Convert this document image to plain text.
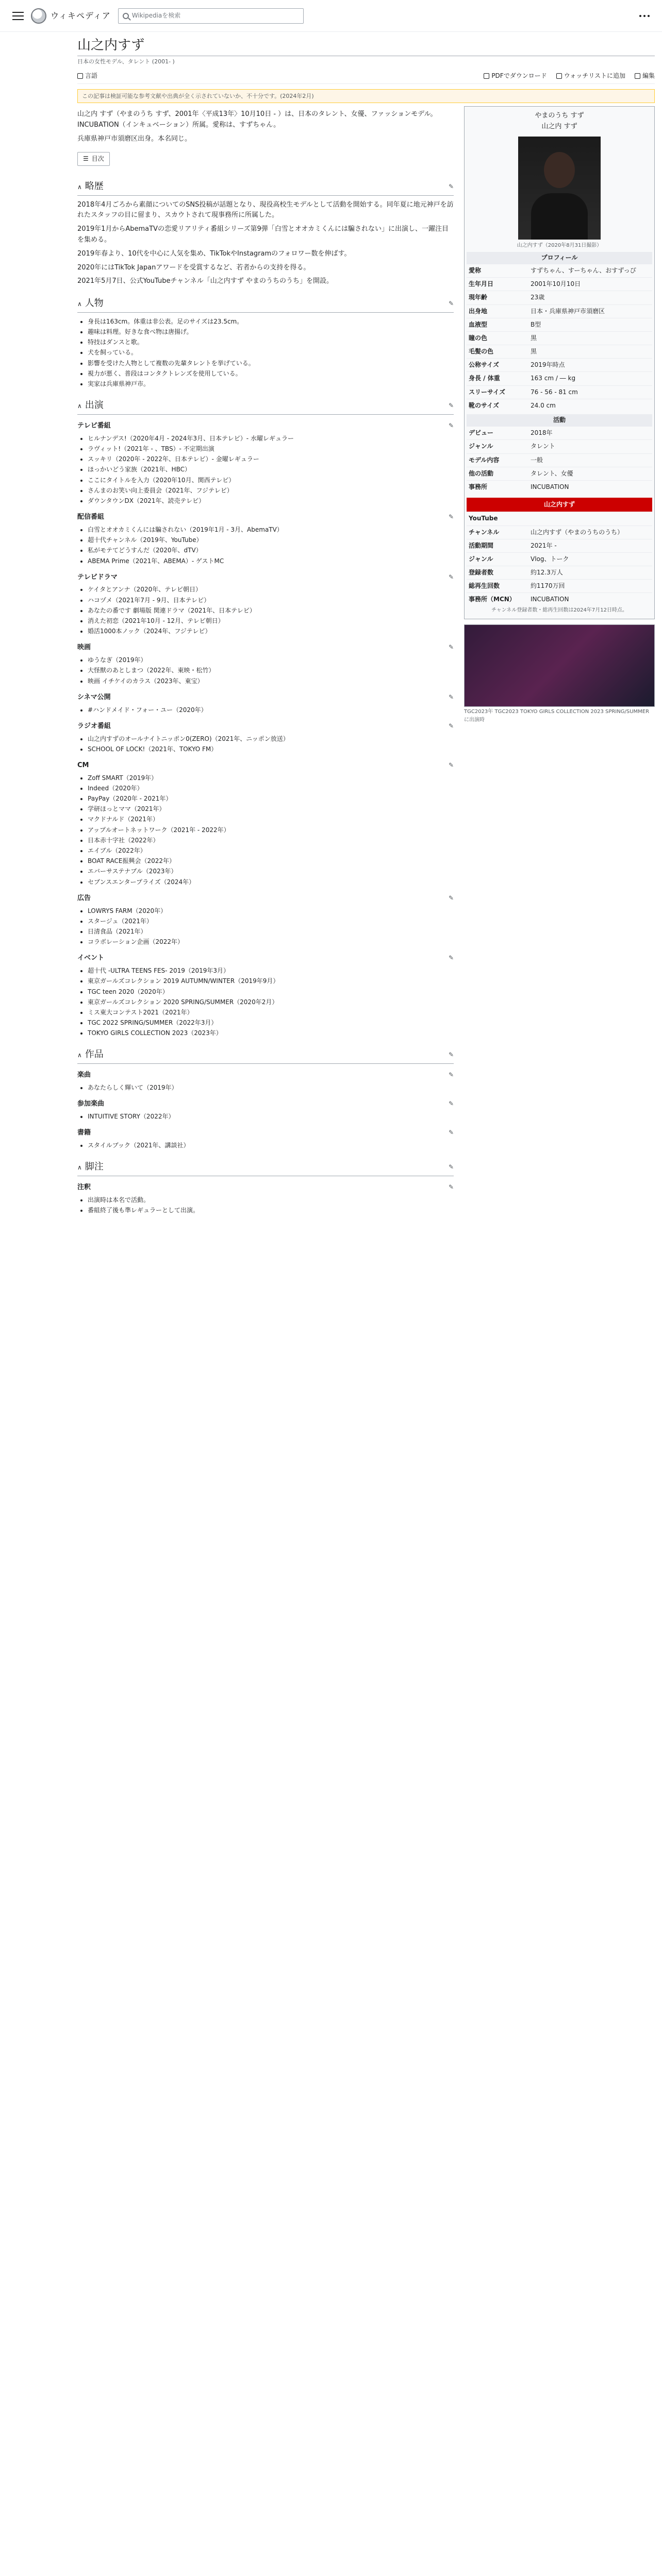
ウィキペディア	Wikipediaを検索
山之内すず
日本の女性モデル、タレント (2001- )
言語	PDFでダウンロード	ウォッチリストに追加	編集
この記事は検証可能な参考文献や出典が全く示されていないか、不十分です。(2024年2月)

山之内 すず（やまのうち すず、2001年〈平成13年〉10月10日 - ）は、日本のタレント、女優、ファッションモデル。INCUBATION（インキュベーション）所属。愛称は、すずちゃん。

兵庫県神戸市須磨区出身。本名同じ。

☰ 目次
∧ 略歴	✎

2018年4月ごろから素顔についてのSNS投稿が話題となり、現役高校生モデルとして活動を開始する。同年夏に地元神戸を訪れたスタッフの目に留まり、スカウトされて現事務所に所属した。

2019年1月からAbemaTVの恋愛リアリティ番組シリーズ第9弾「白雪とオオカミくんには騙されない」に出演し、一躍注目を集める。

2019年春より、10代を中心に人気を集め、TikTokやInstagramのフォロワー数を伸ばす。

2020年にはTikTok Japanアワードを受賞するなど、若者からの支持を得る。

2021年5月7日、公式YouTubeチャンネル「山之内すず やまのうちのうち」を開設。

∧ 人物	✎
• 身長は163cm。体重は非公表。足のサイズは23.5cm。
• 趣味は料理。好きな食べ物は唐揚げ。
• 特技はダンスと歌。
• 犬を飼っている。
• 影響を受けた人物として複数の先輩タレントを挙げている。
• 視力が悪く、普段はコンタクトレンズを使用している。
• 実家は兵庫県神戸市。
∧ 出演	✎
テレビ番組	✎
• ヒルナンデス!（2020年4月 - 2024年3月、日本テレビ）- 水曜レギュラー
• ラヴィット!（2021年 - 、TBS）- 不定期出演
• スッキリ（2020年 - 2022年、日本テレビ）- 金曜レギュラー
• ほっかいどう家族（2021年、HBC）
• ここにタイトルを入力（2020年10月、関西テレビ）
• さんまのお笑い向上委員会（2021年、フジテレビ）
• ダウンタウンDX（2021年、読売テレビ）
配信番組	✎
• 白雪とオオカミくんには騙されない（2019年1月 - 3月、AbemaTV）
• 超十代チャンネル（2019年、YouTube）
• 私がモテてどうすんだ（2020年、dTV）
• ABEMA Prime（2021年、ABEMA）- ゲストMC
テレビドラマ	✎
• ケイタとアンナ（2020年、テレビ朝日）
• ハコヅメ（2021年7月 - 9月、日本テレビ）
• あなたの番です 劇場版 関連ドラマ（2021年、日本テレビ）
• 消えた初恋（2021年10月 - 12月、テレビ朝日）
• 婚活1000本ノック（2024年、フジテレビ）
映画	✎
• ゆうなぎ（2019年）
• 大怪獣のあとしまつ（2022年、東映・松竹）
• 映画 イチケイのカラス（2023年、東宝）
シネマ公開	✎
• #ハンドメイド・フォー・ユー（2020年）
ラジオ番組	✎
• 山之内すずのオールナイトニッポン0(ZERO)（2021年、ニッポン放送）
• SCHOOL OF LOCK!（2021年、TOKYO FM）
CM	✎
• Zoff SMART（2019年）
• Indeed（2020年）
• PayPay（2020年 - 2021年）
• 学研ほっとママ（2021年）
• マクドナルド（2021年）
• アップルオートネットワーク（2021年 - 2022年）
• 日本赤十字社（2022年）
• エイブル（2022年）
• BOAT RACE振興会（2022年）
• エバーサステナブル（2023年）
• セブンスエンタープライズ（2024年）
広告	✎
• LOWRYS FARM（2020年）
• スタージュ（2021年）
• 日清食品（2021年）
• コラボレーション企画（2022年）
イベント	✎
• 超十代 -ULTRA TEENS FES- 2019（2019年3月）
• 東京ガールズコレクション 2019 AUTUMN/WINTER（2019年9月）
• TGC teen 2020（2020年）
• 東京ガールズコレクション 2020 SPRING/SUMMER（2020年2月）
• ミス東大コンテスト2021（2021年）
• TGC 2022 SPRING/SUMMER（2022年3月）
• TOKYO GIRLS COLLECTION 2023（2023年）
∧ 作品	✎
楽曲	✎
• あなたらしく輝いて（2019年）
参加楽曲	✎
• INTUITIVE STORY（2022年）
書籍	✎
• スタイルブック（2021年、講談社）
∧ 脚注	✎
注釈	✎
• 出演時は本名で活動。
• 番組終了後も準レギュラーとして出演。
やまのうち すず
山之内 すず
山之内すず（2020年8月31日撮影）
プロフィール
愛称	すずちゃん、すーちゃん、おすずっぴ
生年月日	2001年10月10日
現年齢	23歳
出身地	日本・兵庫県神戸市須磨区
血液型	B型
瞳の色	黒
毛髪の色	黒
公称サイズ	2019年時点
身長 / 体重	163 cm / ― kg
スリーサイズ	76 - 56 - 81 cm
靴のサイズ	24.0 cm
活動
デビュー	2018年
ジャンル	タレント
モデル内容	一般
他の活動	タレント、女優
事務所	INCUBATION
山之内すず
YouTube
チャンネル	山之内すず（やまのうちのうち）
活動期間	2021年 -
ジャンル	Vlog、トーク
登録者数	約12.3万人
総再生回数	約1170万回
事務所（MCN）	INCUBATION
チャンネル登録者数・総再生回数は2024年7月12日時点。
TGC2023年 TGC2023 TOKYO GIRLS COLLECTION 2023 SPRING/SUMMER に出演時
